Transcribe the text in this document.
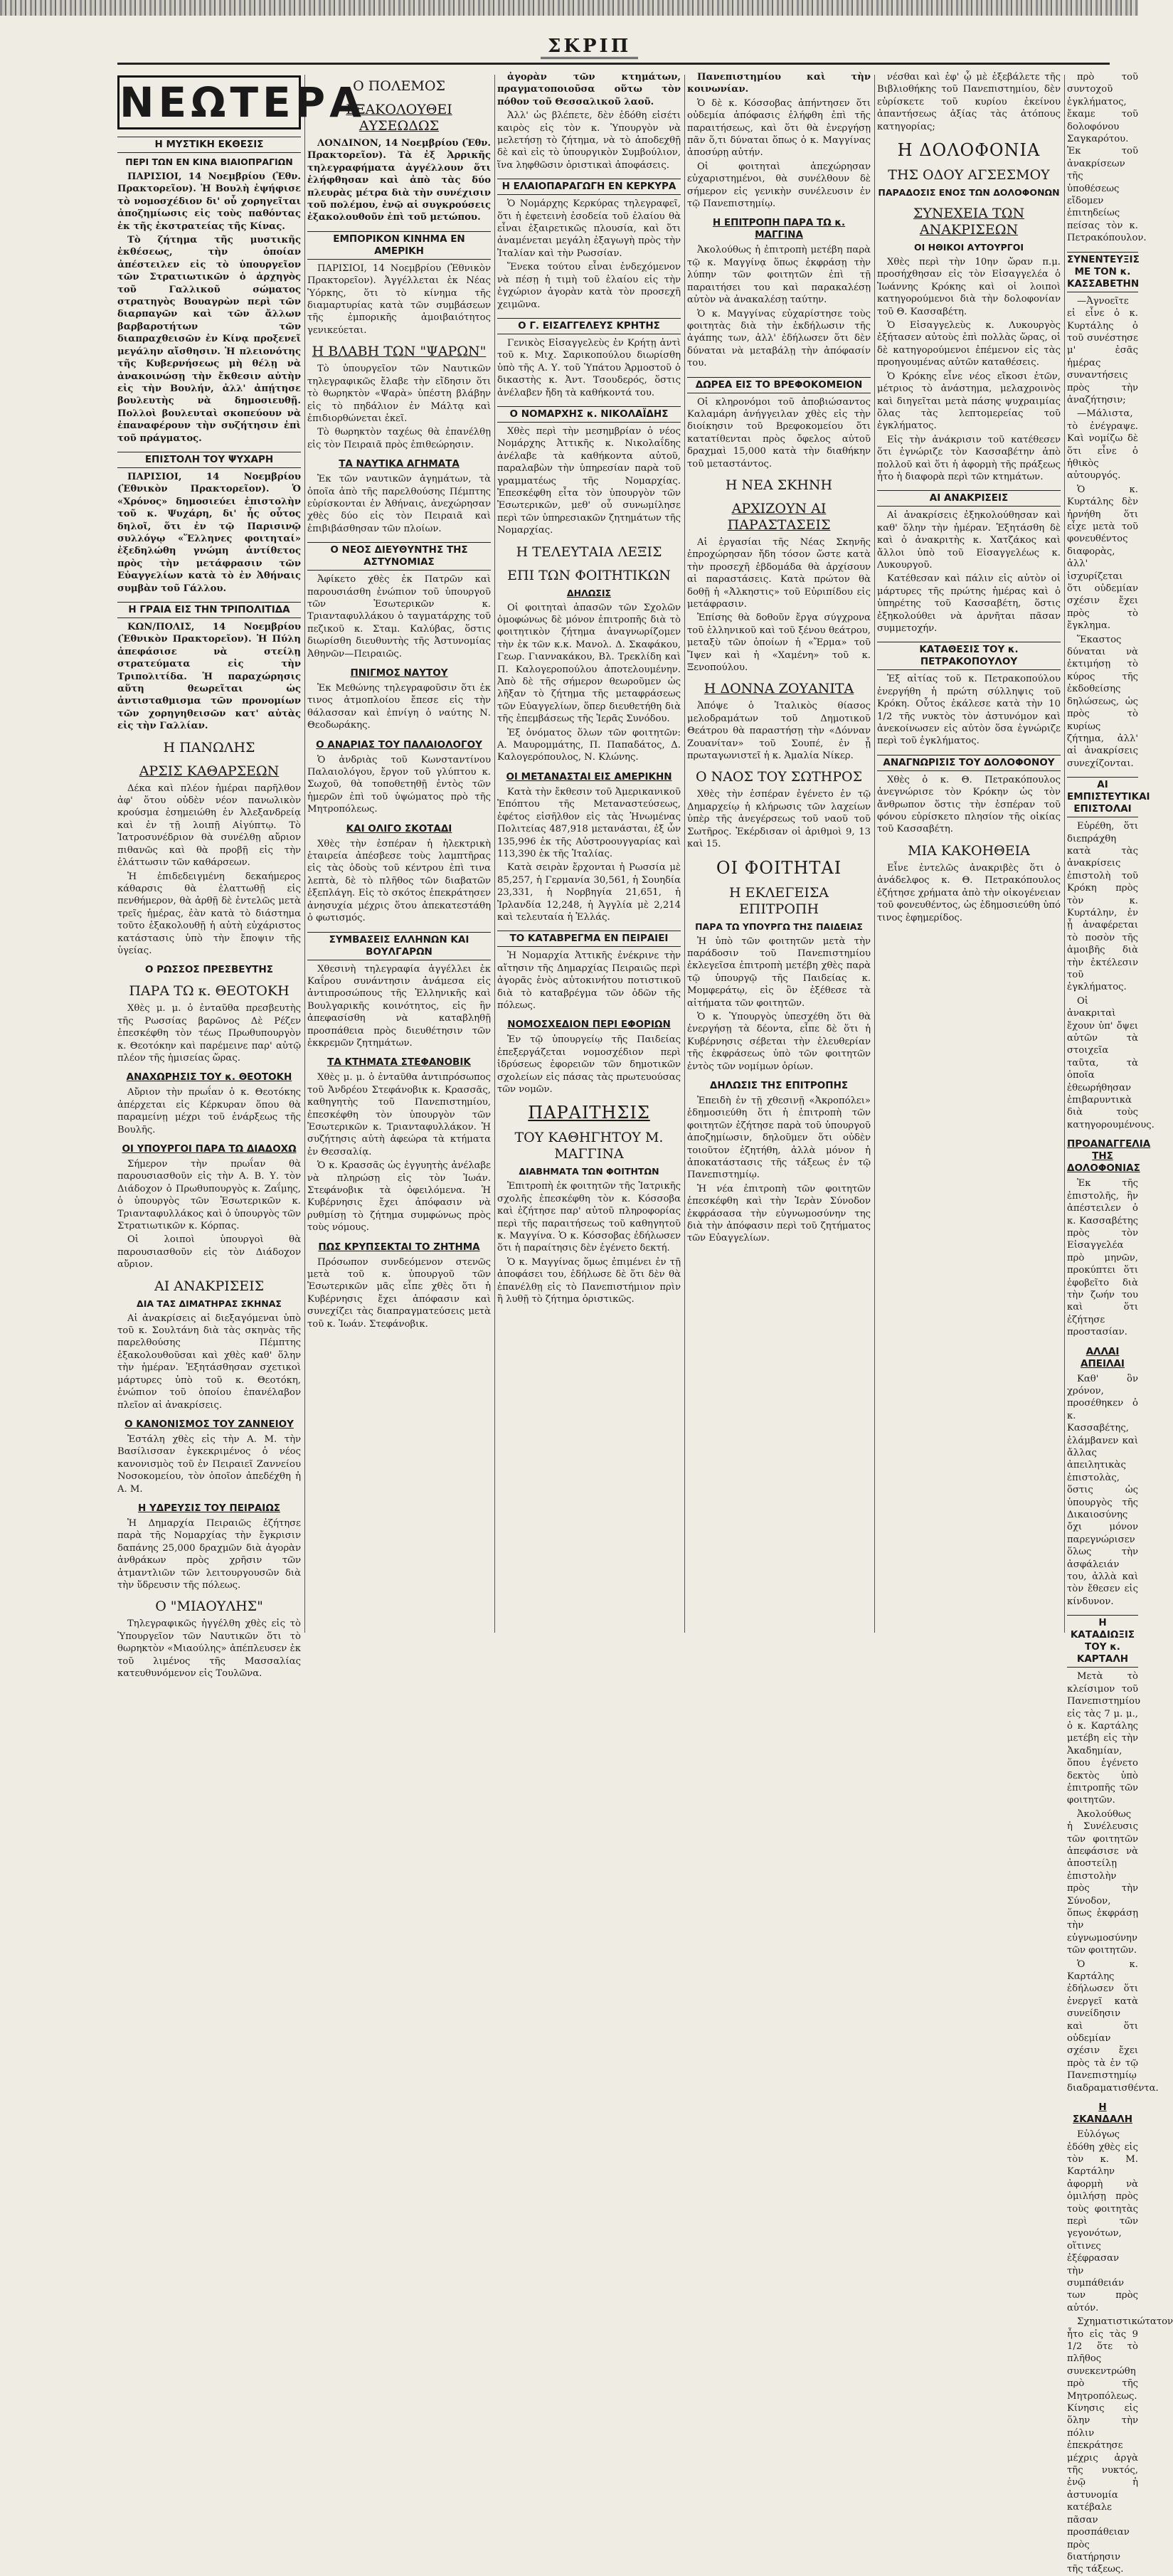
ΣΚΡΙΠ
ΝΕΩΤΕΡΑ
Η ΜΥΣΤΙΚΗ ΕΚΘΕΣΙΣ
ΠΕΡΙ ΤΩΝ ΕΝ ΚΙΝΑ ΒΙΑΙΟΠΡΑΓΙΩΝ

ΠΑΡΙΣΙΟΙ, 14 Νοεμβρίου (Ἐθν. Πρακτορεῖον). Ἡ Βουλὴ ἐψήφισε τὸ νομοσχέδιον δι' οὗ χορηγεῖται ἀποζημίωσις εἰς τοὺς παθόντας ἐκ τῆς ἐκστρατείας τῆς Κίνας.

Τὸ ζήτημα τῆς μυστικῆς ἐκθέσεως, τὴν ὁποίαν ἀπέστειλεν εἰς τὸ ὑπουργεῖον τῶν Στρατιωτικῶν ὁ ἀρχηγὸς τοῦ Γαλλικοῦ σώματος στρατηγὸς Βουαγρὼν περὶ τῶν διαρπαγῶν καὶ τῶν ἄλλων βαρβαροτήτων τῶν διαπραχθεισῶν ἐν Κίνᾳ προξενεῖ μεγάλην αἴσθησιν. Ἡ πλειονότης τῆς Κυβερνήσεως μὴ θέλῃ νὰ ἀνακοινώσῃ τὴν ἔκθεσιν αὐτὴν εἰς τὴν Βουλήν, ἀλλ' ἀπῄτησε βουλευτὴς νὰ δημοσιευθῇ. Πολλοὶ βουλευταὶ σκοπεύουν νὰ ἐπαναφέρουν τὴν συζήτησιν ἐπὶ τοῦ πράγματος.

ΕΠΙΣΤΟΛΗ ΤΟΥ ΨΥΧΑΡΗ

ΠΑΡΙΣΙΟΙ, 14 Νοεμβρίου (Ἐθνικὸν Πρακτορεῖον). Ὁ «Χρόνος» δημοσιεύει ἐπιστολὴν τοῦ κ. Ψυχάρη, δι' ἧς οὗτος δηλοῖ, ὅτι ἐν τῷ Παρισινῷ συλλόγῳ «Ἕλληνες φοιτηταί» ἐξεδηλώθη γνώμη ἀντίθετος πρὸς τὴν μετάφρασιν τῶν Εὐαγγελίων κατὰ τὸ ἐν Ἀθήναις συμβὰν τοῦ Γάλλου.

Η ΓΡΑΙΑ ΕΙΣ ΤΗΝ ΤΡΙΠΟΛΙΤΙΔΑ

ΚΩΝ/ΠΟΛΙΣ, 14 Νοεμβρίου (Ἐθνικὸν Πρακτορεῖον). Ἡ Πύλη ἀπεφάσισε νὰ στείλῃ στρατεύματα εἰς τὴν Τριπολιτίδα. Ἡ παραχώρησις αὕτη θεωρεῖται ὡς ἀντισταθμισμα τῶν προνομίων τῶν χορηγηθεισῶν κατ' αὐτὰς εἰς τὴν Γαλλίαν.

Η ΠΑΝΩΛΗΣ
ΑΡΣΙΣ ΚΑΘΑΡΣΕΩΝ

Δέκα καὶ πλέον ἡμέραι παρῆλθον ἀφ' ὅτου οὐδὲν νέον πανωλικὸν κρούσμα ἐσημειώθη ἐν Ἀλεξανδρείᾳ καὶ ἐν τῇ λοιπῇ Αἰγύπτῳ. Τὸ Ἰατροσυνέδριον θὰ συνέλθῃ αὔριον πιθανῶς καὶ θὰ προβῇ εἰς τὴν ἐλάττωσιν τῶν καθάρσεων.

Ἡ ἐπιδεδειγμένη δεκαήμερος κάθαρσις θὰ ἐλαττωθῇ εἰς πενθήμερον, θὰ ἀρθῇ δὲ ἐντελῶς μετὰ τρεῖς ἡμέρας, ἐὰν κατὰ τὸ διάστημα τοῦτο ἐξακολουθῇ ἡ αὐτὴ εὐχάριστος κατάστασις ὑπὸ τὴν ἔποψιν τῆς ὑγείας.

Ο ΡΩΣΣΟΣ ΠΡΕΣΒΕΥΤΗΣ
ΠΑΡΑ ΤΩ κ. ΘΕΟΤΟΚΗ

Χθὲς μ. μ. ὁ ἐνταῦθα πρεσβευτὴς τῆς Ρωσσίας βαρῶνος Δὲ Ρέζεν ἐπεσκέφθη τὸν τέως Πρωθυπουργὸν κ. Θεοτόκην καὶ παρέμεινε παρ' αὐτῷ πλέον τῆς ἡμισείας ὥρας.

ΑΝΑΧΩΡΗΣΙΣ ΤΟΥ κ. ΘΕΟΤΟΚΗ

Αὔριον τὴν πρωΐαν ὁ κ. Θεοτόκης ἀπέρχεται εἰς Κέρκυραν ὅπου θὰ παραμείνῃ μέχρι τοῦ ἐνάρξεως τῆς Βουλῆς.

ΟΙ ΥΠΟΥΡΓΟΙ ΠΑΡΑ ΤΩ ΔΙΑΔΟΧΩ

Σήμερον τὴν πρωΐαν θὰ παρουσιασθοῦν εἰς τὴν Α. Β. Υ. τὸν Διάδοχον ὁ Πρωθυπουργὸς κ. Ζαΐμης, ὁ ὑπουργὸς τῶν Ἐσωτερικῶν κ. Τριανταφυλλάκος καὶ ὁ ὑπουργὸς τῶν Στρατιωτικῶν κ. Κόρπας.

Οἱ λοιποὶ ὑπουργοὶ θὰ παρουσιασθοῦν εἰς τὸν Διάδοχον αὔριον.

ΑΙ ΑΝΑΚΡΙΣΕΙΣ
ΔΙΑ ΤΑΣ ΔΙΜΑΤΗΡΑΣ ΣΚΗΝΑΣ

Αἱ ἀνακρίσεις αἱ διεξαγόμεναι ὑπὸ τοῦ κ. Σουλτάνη διὰ τὰς σκηνὰς τῆς παρελθούσης Πέμπτης ἐξακολουθοῦσαι καὶ χθὲς καθ' ὅλην τὴν ἡμέραν. Ἐξητάσθησαν σχετικοὶ μάρτυρες ὑπὸ τοῦ κ. Θεοτόκη, ἐνώπιον τοῦ ὁποίου ἐπανέλαβον πλεῖον αἱ ἀνακρίσεις.

Ο ΚΑΝΟΝΙΣΜΟΣ ΤΟΥ ΖΑΝΝΕΙΟΥ

Ἐστάλη χθὲς εἰς τὴν Α. Μ. τὴν Βασίλισσαν ἐγκεκριμένος ὁ νέος κανονισμὸς τοῦ ἐν Πειραιεῖ Ζαννείου Νοσοκομείου, τὸν ὁποῖον ἀπεδέχθη ἡ Α. Μ.

Η ΥΔΡΕΥΣΙΣ ΤΟΥ ΠΕΙΡΑΙΩΣ

Ἡ Δημαρχία Πειραιῶς ἐζήτησε παρὰ τῆς Νομαρχίας τὴν ἔγκρισιν δαπάνης 25,000 δραχμῶν διὰ ἀγορὰν ἀνθράκων πρὸς χρῆσιν τῶν ἀτμαντλιῶν τῶν λειτουργουσῶν διὰ τὴν ὕδρευσιν τῆς πόλεως.

Ο "ΜΙΑΟΥΛΗΣ"

Τηλεγραφικῶς ἠγγέλθη χθὲς εἰς τὸ Ὑπουργεῖον τῶν Ναυτικῶν ὅτι τὸ θωρηκτὸν «Μιαούλης» ἀπέπλευσεν ἐκ τοῦ λιμένος τῆς Μασσαλίας κατευθυνόμενον εἰς Τουλῶνα.

Ο ΠΟΛΕΜΟΣ
ΕΞΑΚΟΛΟΥΘΕΙ ΑΥΣΕΩΔΩΣ

ΛΟΝΔΙΝΟΝ, 14 Νοεμβρίου (Ἐθν. Πρακτορεῖον). Τὰ ἐξ Ἀρρικῆς τηλεγραφήματα ἀγγέλλουν ὅτι ἐλήφθησαν καὶ ἀπὸ τὰς δύο πλευρὰς μέτρα διὰ τὴν συνέχισιν τοῦ πολέμου, ἐνῷ αἱ συγκρούσεις ἐξακολουθοῦν ἐπὶ τοῦ μετώπου.

ΕΜΠΟΡΙΚΟΝ ΚΙΝΗΜΑ ΕΝ ΑΜΕΡΙΚΗ

ΠΑΡΙΣΙΟΙ, 14 Νοεμβρίου (Ἐθνικὸν Πρακτορεῖον). Ἀγγέλλεται ἐκ Νέας Ὑόρκης, ὅτι τὸ κίνημα τῆς διαμαρτυρίας κατὰ τῶν συμβάσεων τῆς ἐμπορικῆς ἀμοιβαιότητος γενικεύεται.

Η ΒΛΑΒΗ ΤΩΝ "ΨΑΡΩΝ"

Τὸ ὑπουργεῖον τῶν Ναυτικῶν τηλεγραφικῶς ἔλαβε τὴν εἴδησιν ὅτι τὸ θωρηκτὸν «Ψαρὰ» ὑπέστη βλάβην εἰς τὸ πηδάλιον ἐν Μάλτᾳ καὶ ἐπιδιορθώνεται ἐκεῖ.

Τὸ θωρηκτὸν ταχέως θὰ ἐπανέλθῃ εἰς τὸν Πειραιᾶ πρὸς ἐπιθεώρησιν.

ΤΑ ΝΑΥΤΙΚΑ ΑΓΗΜΑΤΑ

Ἐκ τῶν ναυτικῶν ἀγημάτων, τὰ ὁποῖα ἀπὸ τῆς παρελθούσης Πέμπτης εὑρίσκονται ἐν Ἀθήναις, ἀνεχώρησαν χθὲς δύο εἰς τὸν Πειραιᾶ καὶ ἐπιβιβάσθησαν τῶν πλοίων.

Ο ΝΕΟΣ ΔΙΕΥΘΥΝΤΗΣ ΤΗΣ ΑΣΤΥΝΟΜΙΑΣ

Ἀφίκετο χθὲς ἐκ Πατρῶν καὶ παρουσιάσθη ἐνώπιον τοῦ ὑπουργοῦ τῶν Ἐσωτερικῶν κ. Τριανταφυλλάκου ὁ ταγματάρχης τοῦ πεζικοῦ κ. Σταμ. Καλύβας, ὅστις διωρίσθη διευθυντὴς τῆς Ἀστυνομίας Ἀθηνῶν—Πειραιῶς.

ΠΝΙΓΜΟΣ ΝΑΥΤΟΥ

Ἐκ Μεθώνης τηλεγραφοῦσιν ὅτι ἐκ τινος ἀτμοπλοίου ἔπεσε εἰς τὴν θάλασσαν καὶ ἐπνίγη ὁ ναύτης Ν. Θεοδωράκης.

Ο ΑΝΑΡΙΑΣ ΤΟΥ ΠΑΛΑΙΟΛΟΓΟΥ

Ὁ ἀνδριὰς τοῦ Κωνσταντίνου Παλαιολόγου, ἔργον τοῦ γλύπτου κ. Σωχοῦ, θὰ τοποθετηθῇ ἐντὸς τῶν ἡμερῶν ἐπὶ τοῦ ὑψώματος πρὸ τῆς Μητροπόλεως.

ΚΑΙ ΟΛΙΓΟ ΣΚΟΤΑΔΙ

Χθὲς τὴν ἑσπέραν ἡ ἠλεκτρικὴ ἑταιρεία ἀπέσβεσε τοὺς λαμπτῆρας εἰς τὰς ὁδοὺς τοῦ κέντρου ἐπὶ τινα λεπτὰ, δὲ τὸ πλῆθος τῶν διαβατῶν ἐξεπλάγη. Εἰς τὸ σκότος ἐπεκράτησεν ἀνησυχία μέχρις ὅτου ἀπεκατεστάθη ὁ φωτισμός.

ΣΥΜΒΑΣΕΙΣ ΕΛΛΗΝΩΝ ΚΑΙ ΒΟΥΛΓΑΡΩΝ

Χθεσινὴ τηλεγραφία ἀγγέλλει ἐκ Καΐρου συνάντησιν ἀνάμεσα εἰς ἀντιπροσώπους τῆς Ἑλληνικῆς καὶ Βουλγαρικῆς κοινότητος, εἰς ἣν ἀπεφασίσθη νὰ καταβληθῇ προσπάθεια πρὸς διευθέτησιν τῶν ἐκκρεμῶν ζητημάτων.

ΤΑ ΚΤΗΜΑΤΑ ΣΤΕΦΑΝΟΒΙΚ

Χθὲς μ. μ. ὁ ἐνταῦθα ἀντιπρόσωπος τοῦ Ἀνδρέου Στεφάνοβικ κ. Κρασσᾶς, καθηγητὴς τοῦ Πανεπιστημίου, ἐπεσκέφθη τὸν ὑπουργὸν τῶν Ἐσωτερικῶν κ. Τριανταφυλλάκον. Ἡ συζήτησις αὐτὴ ἀφεώρα τὰ κτήματα ἐν Θεσσαλίᾳ.

Ὁ κ. Κρασσᾶς ὡς ἐγγυητὴς ἀνέλαβε νὰ πληρώσῃ εἰς τὸν Ἰωάν. Στεφάνοβικ τὰ ὀφειλόμενα. Ἡ Κυβέρνησις ἔχει ἀπόφασιν νὰ ρυθμίσῃ τὸ ζήτημα συμφώνως πρὸς τοὺς νόμους.

ΠΩΣ ΚΡΥΠΣΕΚΤΑΙ ΤΟ ΖΗΤΗΜΑ

Πρόσωπον συνδεόμενον στενῶς μετὰ τοῦ κ. ὑπουργοῦ τῶν Ἐσωτερικῶν μᾶς εἶπε χθὲς ὅτι ἡ Κυβέρνησις ἔχει ἀπόφασιν καὶ συνεχίζει τὰς διαπραγματεύσεις μετὰ τοῦ κ. Ἰωάν. Στεφάνοβικ.

ἀγορὰν τῶν κτημάτων, πραγματοποιοῦσα οὕτω τὸν πόθον τοῦ Θεσσαλικοῦ λαοῦ.

Ἀλλ' ὡς βλέπετε, δὲν ἐδόθη εἰσέτι καιρὸς εἰς τὸν κ. Ὑπουργὸν νὰ μελετήσῃ τὸ ζήτημα, νὰ τὸ ἀποδεχθῇ δὲ καὶ εἰς τὸ ὑπουργικὸν Συμβούλιον, ἵνα ληφθῶσιν ὁριστικαὶ ἀποφάσεις.

Η ΕΛΑΙΟΠΑΡΑΓΩΓΗ ΕΝ ΚΕΡΚΥΡΑ

Ὁ Νομάρχης Κερκύρας τηλεγραφεῖ, ὅτι ἡ ἐφετεινὴ ἐσοδεία τοῦ ἐλαίου θὰ εἶναι ἐξαιρετικῶς πλουσία, καὶ ὅτι ἀναμένεται μεγάλη ἐξαγωγὴ πρὸς τὴν Ἰταλίαν καὶ τὴν Ρωσσίαν.

Ἕνεκα τούτου εἶναι ἐνδεχόμενον νὰ πέσῃ ἡ τιμὴ τοῦ ἐλαίου εἰς τὴν ἐγχώριον ἀγορὰν κατὰ τὸν προσεχῆ χειμῶνα.

Ο Γ. ΕΙΣΑΓΓΕΛΕΥΣ ΚΡΗΤΗΣ

Γενικὸς Εἰσαγγελεὺς ἐν Κρήτῃ ἀντὶ τοῦ κ. Μιχ. Σαρικοπούλου διωρίσθη ὑπὸ τῆς Α. Υ. τοῦ Ὑπάτου Ἁρμοστοῦ ὁ δικαστὴς κ. Ἀντ. Τσουδερός, ὅστις ἀνέλαβεν ἤδη τὰ καθήκοντά του.

Ο ΝΟΜΑΡΧΗΣ κ. ΝΙΚΟΛΑΪΔΗΣ

Χθὲς περὶ τὴν μεσημβρίαν ὁ νέος Νομάρχης Ἀττικῆς κ. Νικολαΐδης ἀνέλαβε τὰ καθήκοντα αὐτοῦ, παραλαβὼν τὴν ὑπηρεσίαν παρὰ τοῦ γραμματέως τῆς Νομαρχίας. Ἐπεσκέφθη εἶτα τὸν ὑπουργὸν τῶν Ἐσωτερικῶν, μεθ' οὗ συνωμίλησε περὶ τῶν ὑπηρεσιακῶν ζητημάτων τῆς Νομαρχίας.

Η ΤΕΛΕΥΤΑΙΑ ΛΕΞΙΣ
ΕΠΙ ΤΩΝ ΦΟΙΤΗΤΙΚΩΝ
ΔΗΛΩΣΙΣ

Οἱ φοιτηταὶ ἁπασῶν τῶν Σχολῶν ὁμοφώνως δὲ μόνον ἐπιτροπῆς διὰ τὸ φοιτητικὸν ζήτημα ἀναγνωρίζομεν τὴν ἐκ τῶν κ.κ. Μανολ. Δ. Σκαφάκου, Γεωρ. Γιαννακάκου, Βλ. Τρεκλίδη καὶ Π. Καλογεροπούλου ἀποτελουμένην. Ἀπὸ δὲ τῆς σήμερον θεωροῦμεν ὡς λῆξαν τὸ ζήτημα τῆς μεταφράσεως τῶν Εὐαγγελίων, ὅπερ διευθετήθη διὰ τῆς ἐπεμβάσεως τῆς Ἱερᾶς Συνόδου.

Ἐξ ὀνόματος ὅλων τῶν φοιτητῶν: Α. Μαυρομμάτης, Π. Παπαδάτος, Δ. Καλογερόπουλος, Ν. Κλώνης.

ΟΙ ΜΕΤΑΝΑΣΤΑΙ ΕΙΣ ΑΜΕΡΙΚΗΝ

Κατὰ τὴν ἔκθεσιν τοῦ Ἀμερικανικοῦ Ἐπόπτου τῆς Μεταναστεύσεως, ἐφέτος εἰσῆλθον εἰς τὰς Ἡνωμένας Πολιτείας 487,918 μετανάσται, ἐξ ὧν 135,996 ἐκ τῆς Αὐστροουγγαρίας καὶ 113,390 ἐκ τῆς Ἰταλίας.

Κατὰ σειρὰν ἔρχονται ἡ Ρωσσία μὲ 85,257, ἡ Γερμανία 30,561, ἡ Σουηδία 23,331, ἡ Νορβηγία 21,651, ἡ Ἰρλανδία 12,248, ἡ Ἀγγλία μὲ 2,214 καὶ τελευταία ἡ Ἑλλάς.

ΤΟ ΚΑΤΑΒΡΕΓΜΑ ΕΝ ΠΕΙΡΑΙΕΙ

Ἡ Νομαρχία Ἀττικῆς ἐνέκρινε τὴν αἴτησιν τῆς Δημαρχίας Πειραιῶς περὶ ἀγορᾶς ἑνὸς αὐτοκινήτου ποτιστικοῦ διὰ τὸ καταβρέγμα τῶν ὁδῶν τῆς πόλεως.

ΝΟΜΟΣΧΕΔΙΟΝ ΠΕΡΙ ΕΦΟΡΙΩΝ

Ἐν τῷ ὑπουργείῳ τῆς Παιδείας ἐπεξεργάζεται νομοσχέδιον περὶ ἱδρύσεως ἐφορειῶν τῶν δημοτικῶν σχολείων εἰς πάσας τὰς πρωτευούσας τῶν νομῶν.

ΠΑΡΑΙΤΗΣΙΣ
ΤΟΥ ΚΑΘΗΓΗΤΟΥ Μ. ΜΑΓΓΙΝΑ
ΔΙΑΒΗΜΑΤΑ ΤΩΝ ΦΟΙΤΗΤΩΝ

Ἐπιτροπὴ ἐκ φοιτητῶν τῆς Ἰατρικῆς σχολῆς ἐπεσκέφθη τὸν κ. Κόσσοβα καὶ ἐζήτησε παρ' αὐτοῦ πληροφορίας περὶ τῆς παραιτήσεως τοῦ καθηγητοῦ κ. Μαγγίνα. Ὁ κ. Κόσσοβας ἐδήλωσεν ὅτι ἡ παραίτησις δὲν ἐγένετο δεκτή.

Ὁ κ. Μαγγίνας ὅμως ἐπιμένει ἐν τῇ ἀποφάσει του, ἐδήλωσε δὲ ὅτι δὲν θὰ ἐπανέλθῃ εἰς τὸ Πανεπιστήμιον πρὶν ἢ λυθῇ τὸ ζήτημα ὁριστικῶς.

Πανεπιστημίου καὶ τὴν κοινωνίαν.

Ὁ δὲ κ. Κόσσοβας ἀπήντησεν ὅτι οὐδεμία ἀπόφασις ἐλήφθη ἐπὶ τῆς παραιτήσεως, καὶ ὅτι θὰ ἐνεργήσῃ πᾶν ὅ,τι δύναται ὅπως ὁ κ. Μαγγίνας ἀποσύρῃ αὐτήν.

Οἱ φοιτηταὶ ἀπεχώρησαν εὐχαριστημένοι, θὰ συνέλθουν δὲ σήμερον εἰς γενικὴν συνέλευσιν ἐν τῷ Πανεπιστημίῳ.

Η ΕΠΙΤΡΟΠΗ ΠΑΡΑ ΤΩ κ. ΜΑΓΓΙΝΑ

Ἀκολούθως ἡ ἐπιτροπὴ μετέβη παρὰ τῷ κ. Μαγγίνᾳ ὅπως ἐκφράσῃ τὴν λύπην τῶν φοιτητῶν ἐπὶ τῇ παραιτήσει του καὶ παρακαλέσῃ αὐτὸν νὰ ἀνακαλέσῃ ταύτην.

Ὁ κ. Μαγγίνας εὐχαρίστησε τοὺς φοιτητὰς διὰ τὴν ἐκδήλωσιν τῆς ἀγάπης των, ἀλλ' ἐδήλωσεν ὅτι δὲν δύναται νὰ μεταβάλῃ τὴν ἀπόφασίν του.

ΔΩΡΕΑ ΕΙΣ ΤΟ ΒΡΕΦΟΚΟΜΕΙΟΝ

Οἱ κληρονόμοι τοῦ ἀποβιώσαντος Καλαμάρη ἀνήγγειλαν χθὲς εἰς τὴν διοίκησιν τοῦ Βρεφοκομείου ὅτι κατατίθενται πρὸς ὄφελος αὐτοῦ δραχμαὶ 15,000 κατὰ τὴν διαθήκην τοῦ μεταστάντος.

Η ΝΕΑ ΣΚΗΝΗ
ΑΡΧΙΖΟΥΝ ΑΙ ΠΑΡΑΣΤΑΣΕΙΣ

Αἱ ἐργασίαι τῆς Νέας Σκηνῆς ἐπροχώρησαν ἤδη τόσον ὥστε κατὰ τὴν προσεχῆ ἑβδομάδα θὰ ἀρχίσουν αἱ παραστάσεις. Κατὰ πρώτον θὰ δοθῇ ἡ «Ἀλκηστις» τοῦ Εὐριπίδου εἰς μετάφρασιν.

Ἐπίσης θὰ δοθοῦν ἔργα σύγχρονα τοῦ ἑλληνικοῦ καὶ τοῦ ξένου θεάτρου, μεταξὺ τῶν ὁποίων ἡ «Ἔρμα» τοῦ Ἴψεν καὶ ἡ «Χαμένη» τοῦ κ. Ξενοπούλου.

Η ΔΟΝΝΑ ΖΟΥΑΝΙΤΑ

Ἀπόψε ὁ Ἰταλικὸς θίασος μελοδραμάτων τοῦ Δημοτικοῦ Θεάτρου θὰ παραστήσῃ τὴν «Δόνναν Ζουανίταν» τοῦ Σουπέ, ἐν ᾗ πρωταγωνιστεῖ ἡ κ. Ἀμαλία Νίκερ.

Ο ΝΑΟΣ ΤΟΥ ΣΩΤΗΡΟΣ

Χθὲς τὴν ἑσπέραν ἐγένετο ἐν τῷ Δημαρχείῳ ἡ κλήρωσις τῶν λαχείων ὑπὲρ τῆς ἀνεγέρσεως τοῦ ναοῦ τοῦ Σωτῆρος. Ἐκέρδισαν οἱ ἀριθμοὶ 9, 13 καὶ 15.

ΟΙ ΦΟΙΤΗΤΑΙ
Η ΕΚΛΕΓΕΙΣΑ ΕΠΙΤΡΟΠΗ
ΠΑΡΑ ΤΩ ΥΠΟΥΡΓΩ ΤΗΣ ΠΑΙΔΕΙΑΣ

Ἡ ὑπὸ τῶν φοιτητῶν μετὰ τὴν παράδοσιν τοῦ Πανεπιστημίου ἐκλεγεῖσα ἐπιτροπὴ μετέβη χθὲς παρὰ τῷ ὑπουργῷ τῆς Παιδείας κ. Μομφεράτῳ, εἰς ὃν ἐξέθεσε τὰ αἰτήματα τῶν φοιτητῶν.

Ὁ κ. Ὑπουργὸς ὑπεσχέθη ὅτι θὰ ἐνεργήσῃ τὰ δέοντα, εἶπε δὲ ὅτι ἡ Κυβέρνησις σέβεται τὴν ἐλευθερίαν τῆς ἐκφράσεως ὑπὸ τῶν φοιτητῶν ἐντὸς τῶν νομίμων ὁρίων.

ΔΗΛΩΣΙΣ ΤΗΣ ΕΠΙΤΡΟΠΗΣ

Ἐπειδὴ ἐν τῇ χθεσινῇ «Ἀκροπόλει» ἐδημοσιεύθη ὅτι ἡ ἐπιτροπὴ τῶν φοιτητῶν ἐζήτησε παρὰ τοῦ ὑπουργοῦ ἀποζημίωσιν, δηλοῦμεν ὅτι οὐδὲν τοιοῦτον ἐζητήθη, ἀλλὰ μόνον ἡ ἀποκατάστασις τῆς τάξεως ἐν τῷ Πανεπιστημίῳ.

Ἡ νέα ἐπιτροπὴ τῶν φοιτητῶν ἐπεσκέφθη καὶ τὴν Ἱερὰν Σύνοδον ἐκφράσασα τὴν εὐγνωμοσύνην της διὰ τὴν ἀπόφασιν περὶ τοῦ ζητήματος τῶν Εὐαγγελίων.

νέσθαι καὶ ἐφ' ᾧ μὲ ἐξεβάλετε τῆς Βιβλιοθήκης τοῦ Πανεπιστημίου, δὲν εὑρίσκετε τοῦ κυρίου ἐκείνου ἀπαντήσεως ἀξίας τὰς ἀτόπους κατηγορίας;

Η ΔΟΛΟΦΟΝΙΑ
ΤΗΣ ΟΔΟΥ ΑΓΣΕΣΜΟΥ
ΠΑΡΑΔΟΣΙΣ ΕΝΟΣ ΤΩΝ ΔΟΛΟΦΟΝΩΝ
ΣΥΝΕΧΕΙΑ ΤΩΝ ΑΝΑΚΡΙΣΕΩΝ
ΟΙ ΗΘΙΚΟΙ ΑΥΤΟΥΡΓΟΙ

Χθὲς περὶ τὴν 10ην ὥραν π.μ. προσήχθησαν εἰς τὸν Εἰσαγγελέα ὁ Ἰωάννης Κρόκης καὶ οἱ λοιποὶ κατηγορούμενοι διὰ τὴν δολοφονίαν τοῦ Θ. Κασσαβέτη.

Ὁ Εἰσαγγελεὺς κ. Λυκουργὸς ἐξήτασεν αὐτοὺς ἐπὶ πολλὰς ὥρας, οἱ δὲ κατηγορούμενοι ἐπέμενον εἰς τὰς προηγουμένας αὐτῶν καταθέσεις.

Ὁ Κρόκης εἶνε νέος εἴκοσι ἐτῶν, μέτριος τὸ ἀνάστημα, μελαχροινὸς καὶ διηγεῖται μετὰ πάσης ψυχραιμίας ὅλας τὰς λεπτομερείας τοῦ ἐγκλήματος.

Εἰς τὴν ἀνάκρισιν τοῦ κατέθεσεν ὅτι ἐγνώριζε τὸν Κασσαβέτην ἀπὸ πολλοῦ καὶ ὅτι ἡ ἀφορμὴ τῆς πράξεως ἦτο ἡ διαφορὰ περὶ τῶν κτημάτων.

ΑΙ ΑΝΑΚΡΙΣΕΙΣ

Αἱ ἀνακρίσεις ἐξηκολούθησαν καὶ καθ' ὅλην τὴν ἡμέραν. Ἐξητάσθη δὲ καὶ ὁ ἀνακριτὴς κ. Χατζάκος καὶ ἄλλοι ὑπὸ τοῦ Εἰσαγγελέως κ. Λυκουργοῦ.

Κατέθεσαν καὶ πάλιν εἰς αὐτὸν οἱ μάρτυρες τῆς πρώτης ἡμέρας καὶ ὁ ὑπηρέτης τοῦ Κασσαβέτη, ὅστις ἐξηκολούθει νὰ ἀρνῆται πᾶσαν συμμετοχήν.

ΚΑΤΑΘΕΣΙΣ ΤΟΥ κ. ΠΕΤΡΑΚΟΠΟΥΛΟΥ

Ἐξ αἰτίας τοῦ κ. Πετρακοπούλου ἐνεργήθη ἡ πρώτη σύλληψις τοῦ Κρόκη. Οὗτος ἐκάλεσε κατὰ τὴν 10 1/2 τῆς νυκτὸς τὸν ἀστυνόμον καὶ ἀνεκοίνωσεν εἰς αὐτὸν ὅσα ἐγνώριζε περὶ τοῦ ἐγκλήματος.

ΑΝΑΓΝΩΡΙΣΙΣ ΤΟΥ ΔΟΛΟΦΟΝΟΥ

Χθὲς ὁ κ. Θ. Πετρακόπουλος ἀνεγνώρισε τὸν Κρόκην ὡς τὸν ἄνθρωπον ὅστις τὴν ἑσπέραν τοῦ φόνου εὑρίσκετο πλησίον τῆς οἰκίας τοῦ Κασσαβέτη.

ΜΙΑ ΚΑΚΟΗΘΕΙΑ

Εἶνε ἐντελῶς ἀνακριβὲς ὅτι ὁ ἀνάδελφος κ. Θ. Πετρακόπουλος ἐζήτησε χρήματα ἀπὸ τὴν οἰκογένειαν τοῦ φονευθέντος, ὡς ἐδημοσιεύθη ὑπό τινος ἐφημερίδος.

πρὸ τοῦ συντοχοῦ ἐγκλήματος, ἔκαμε τοῦ δολοφόνου Σαγκαρότου. Ἐκ τοῦ ἀνακρίσεων τῆς ὑποθέσεως εἴδομεν ἐπιτηδείως πείσας τὸν κ. Πετρακόπουλον.

ΣΥΝΕΝΤΕΥΞΙΣ ΜΕ ΤΟΝ κ. ΚΑΣΣΑΒΕΤΗΝ

—Ἀγνοεῖτε εἰ εἶνε ὁ κ. Κυρτάλης ὁ τοῦ συνέστησε μ' ἐσᾶς ἡμέρας συναντήσεις πρὸς τὴν ἀναζήτησιν;

—Μάλιστα, τὸ ἐνέγραψε. Καὶ νομίζω δὲ ὅτι εἶνε ὁ ἠθικὸς αὐτουργός.

Ὁ κ. Κυρτάλης δὲν ἠρνήθη ὅτι εἶχε μετὰ τοῦ φονευθέντος διαφορὰς, ἀλλ' ἰσχυρίζεται ὅτι οὐδεμίαν σχέσιν ἔχει πρὸς τὸ ἔγκλημα.

Ἕκαστος δύναται νὰ ἐκτιμήσῃ τὸ κύρος τῆς ἐκδοθείσης δηλώσεως, ὡς πρὸς τὸ κυρίως ζήτημα, ἀλλ' αἱ ἀνακρίσεις συνεχίζονται.

ΑΙ ΕΜΠΙΣΤΕΥΤΙΚΑΙ ΕΠΙΣΤΟΛΑΙ

Εὑρέθη, ὅτι διεπράχθη κατὰ τὰς ἀνακρίσεις ἐπιστολὴ τοῦ Κρόκη πρὸς τὸν κ. Κυρτάλην, ἐν ᾗ ἀναφέρεται τὸ ποσὸν τῆς ἀμοιβῆς διὰ τὴν ἐκτέλεσιν τοῦ ἐγκλήματος.

Οἱ ἀνακριταὶ ἔχουν ὑπ' ὄψει αὐτῶν τὰ στοιχεῖα ταῦτα, τὰ ὁποῖα ἐθεωρήθησαν ἐπιβαρυντικὰ διὰ τοὺς κατηγορουμένους.

ΠΡΟΑΝΑΓΓΕΛΙΑ ΤΗΣ ΔΟΛΟΦΟΝΙΑΣ

Ἐκ τῆς ἐπιστολῆς, ἣν ἀπέστειλεν ὁ κ. Κασσαβέτης πρὸς τὸν Εἰσαγγελέα πρὸ μηνῶν, προκύπτει ὅτι ἐφοβεῖτο διὰ τὴν ζωήν του καὶ ὅτι ἐζήτησε προστασίαν.

ΑΛΛΑΙ ΑΠΕΙΛΑΙ

Καθ' ὃν χρόνον, προσέθηκεν ὁ κ. Κασσαβέτης, ἐλάμβανεν καὶ ἄλλας ἀπειλητικὰς ἐπιστολὰς, ὅστις ὡς ὑπουργὸς τῆς Δικαιοσύνης ὄχι μόνον παρεγνώρισεν ὅλως τὴν ἀσφάλειάν του, ἀλλὰ καὶ τὸν ἔθεσεν εἰς κίνδυνον.

Η ΚΑΤΑΔΙΩΞΙΣ ΤΟΥ κ. ΚΑΡΤΑΛΗ

Μετὰ τὸ κλείσιμον τοῦ Πανεπιστημίου εἰς τὰς 7 μ. μ., ὁ κ. Καρτάλης μετέβη εἰς τὴν Ἀκαδημίαν, ὅπου ἐγένετο δεκτὸς ὑπὸ ἐπιτροπῆς τῶν φοιτητῶν.

Ἀκολούθως ἡ Συνέλευσις τῶν φοιτητῶν ἀπεφάσισε νὰ ἀποστείλῃ ἐπιστολὴν πρὸς τὴν Σύνοδον, ὅπως ἐκφράσῃ τὴν εὐγνωμοσύνην τῶν φοιτητῶν.

Ὁ κ. Καρτάλης ἐδήλωσεν ὅτι ἐνεργεῖ κατὰ συνείδησιν καὶ ὅτι οὐδεμίαν σχέσιν ἔχει πρὸς τὰ ἐν τῷ Πανεπιστημίῳ διαδραματισθέντα.

Η ΣΚΑΝΔΑΛΗ

Εὐλόγως ἐδόθη χθὲς εἰς τὸν κ. Μ. Καρτάλην ἀφορμὴ νὰ ὁμιλήσῃ πρὸς τοὺς φοιτητὰς περὶ τῶν γεγονότων, οἵτινες ἐξέφρασαν τὴν συμπάθειάν των πρὸς αὐτόν.

Σχηματιστικώτατον ἦτο εἰς τὰς 9 1/2 ὅτε τὸ πλῆθος συνεκεντρώθη πρὸ τῆς Μητροπόλεως. Κίνησις εἰς ὅλην τὴν πόλιν ἐπεκράτησε μέχρις ἀργὰ τῆς νυκτός, ἐνῷ ἡ ἀστυνομία κατέβαλε πᾶσαν προσπάθειαν πρὸς διατήρησιν τῆς τάξεως.
